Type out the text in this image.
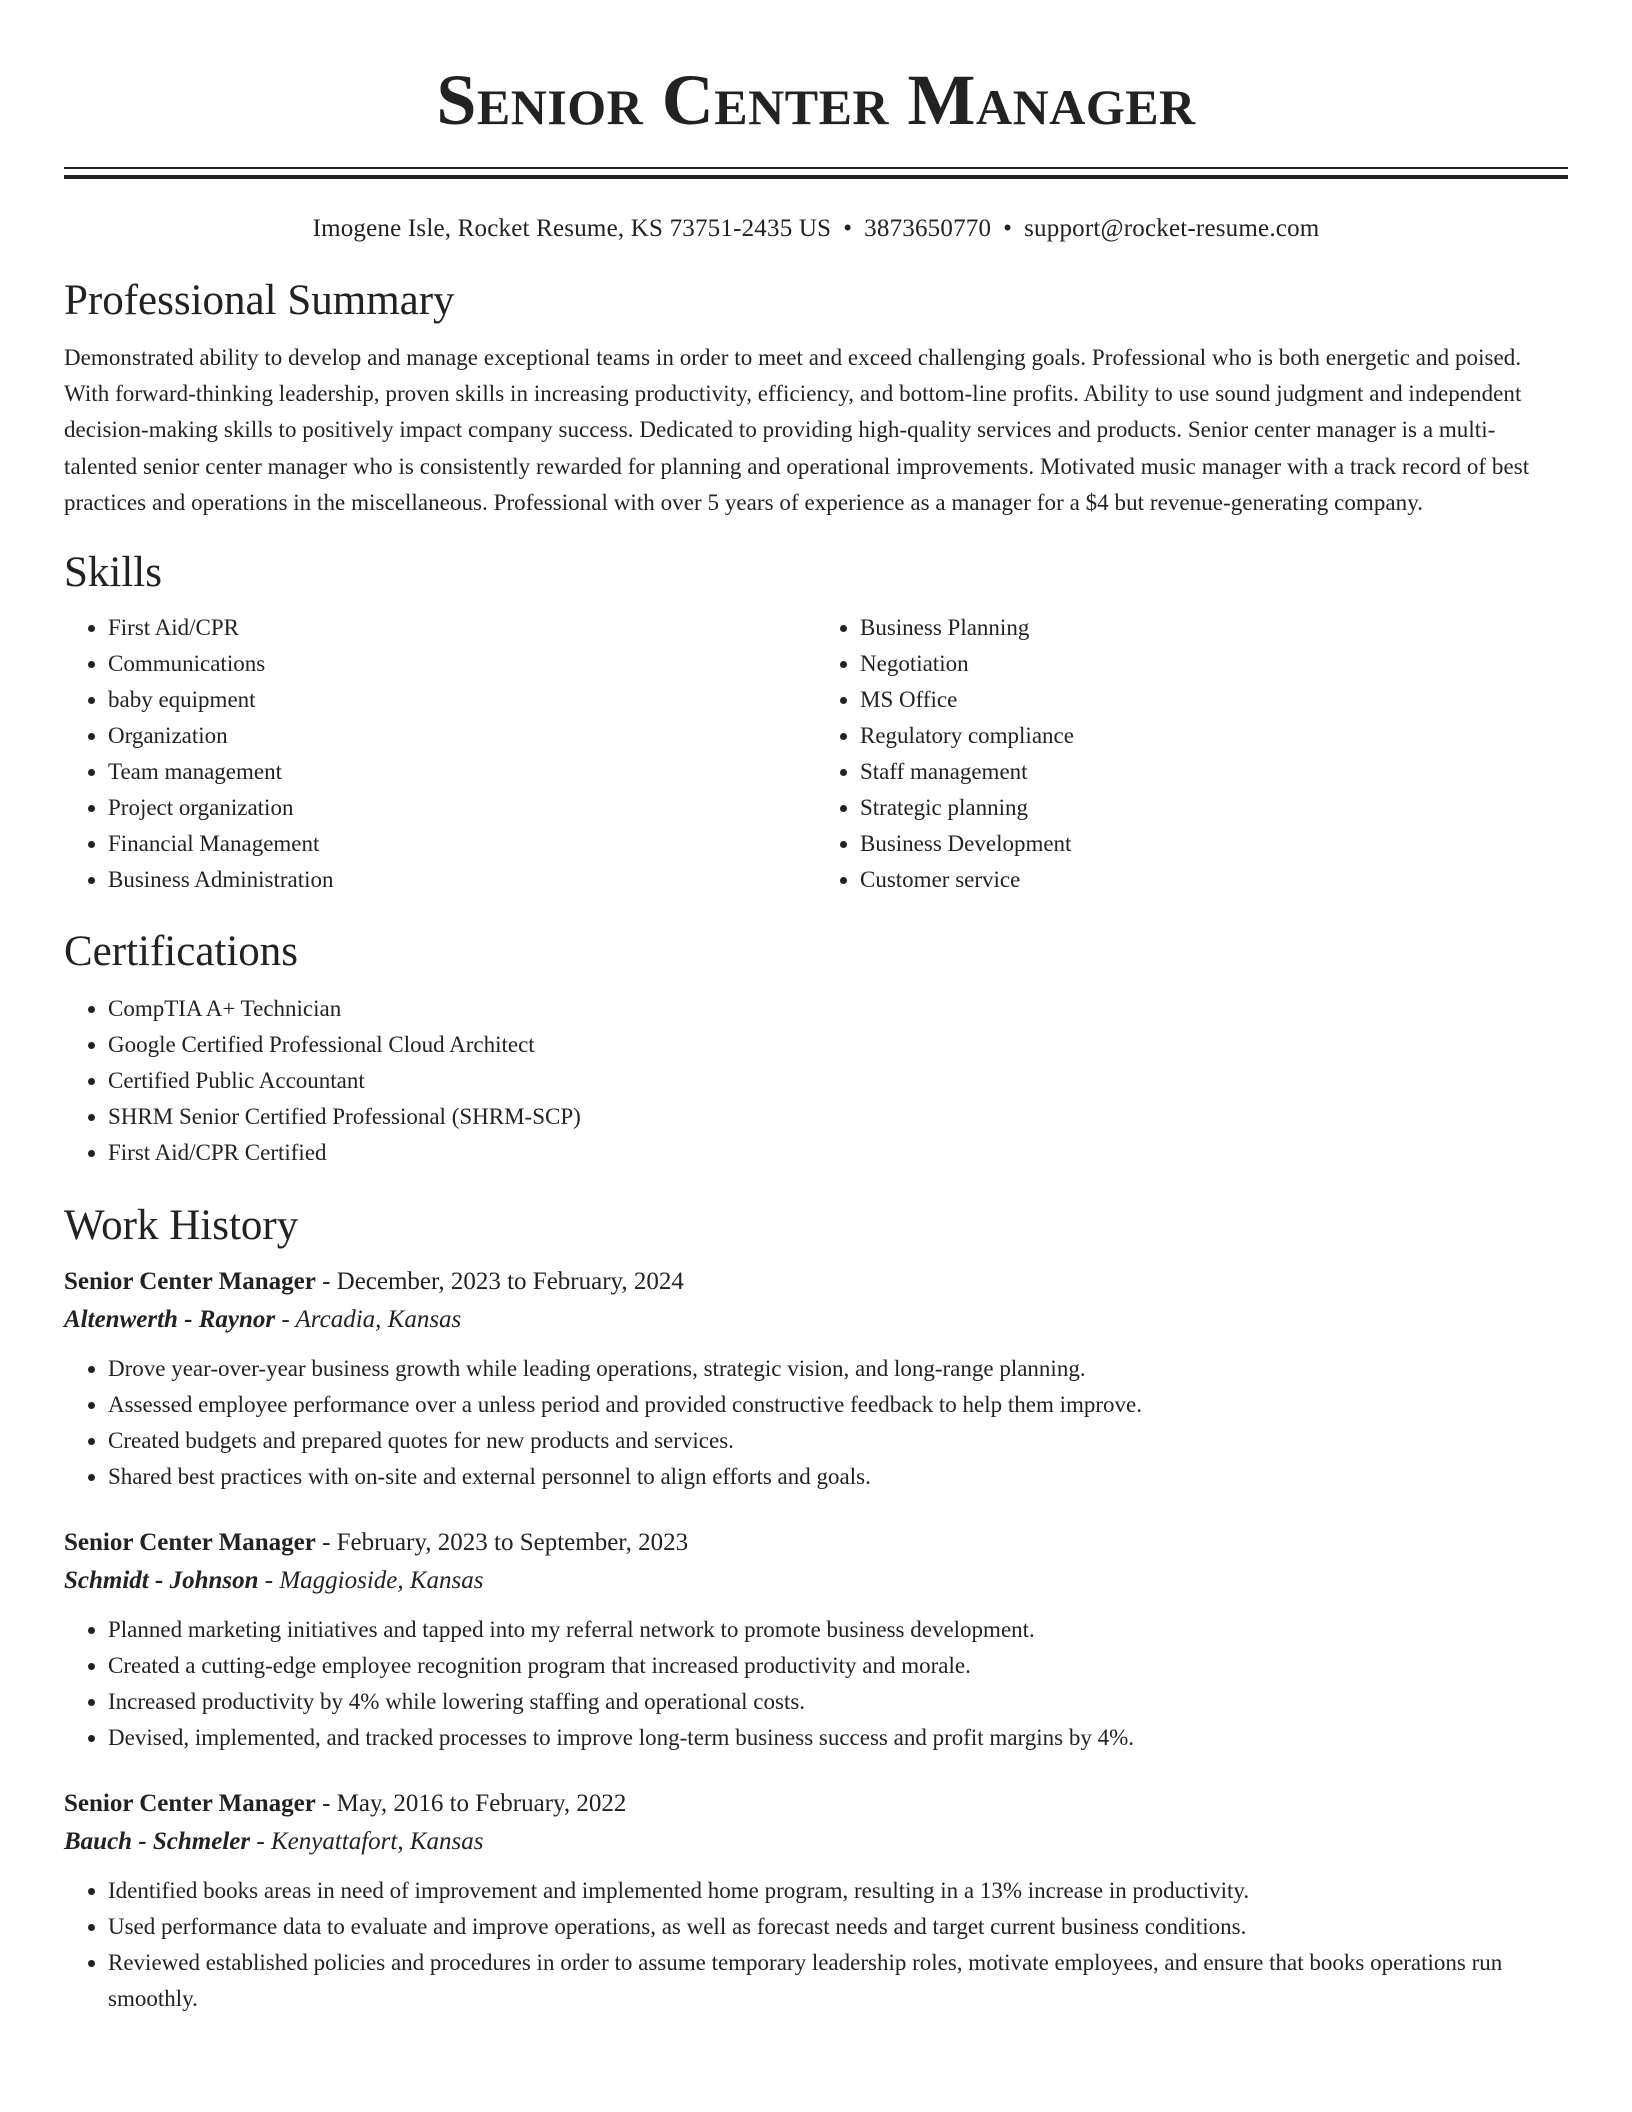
Senior Center Manager
Imogene Isle, Rocket Resume, KS 73751-2435 US • 3873650770 • support@rocket-resume.com
Professional Summary

Demonstrated ability to develop and manage exceptional teams in order to meet and exceed challenging goals. Professional who is both energetic and poised. With forward-thinking leadership, proven skills in increasing productivity, efficiency, and bottom-line profits. Ability to use sound judgment and independent decision-making skills to positively impact company success. Dedicated to providing high-quality services and products. Senior center manager is a multi-talented senior center manager who is consistently rewarded for planning and operational improvements. Motivated music manager with a track record of best practices and operations in the miscellaneous. Professional with over 5 years of experience as a manager for a $4 but revenue-generating company.

Skills
• First Aid/CPR
• Communications
• baby equipment
• Organization
• Team management
• Project organization
• Financial Management
• Business Administration
• Business Planning
• Negotiation
• MS Office
• Regulatory compliance
• Staff management
• Strategic planning
• Business Development
• Customer service
Certifications
• CompTIA A+ Technician
• Google Certified Professional Cloud Architect
• Certified Public Accountant
• SHRM Senior Certified Professional (SHRM-SCP)
• First Aid/CPR Certified
Work History
Senior Center Manager - December, 2023 to February, 2024
Altenwerth - Raynor - Arcadia, Kansas
• Drove year-over-year business growth while leading operations, strategic vision, and long-range planning.
• Assessed employee performance over a unless period and provided constructive feedback to help them improve.
• Created budgets and prepared quotes for new products and services.
• Shared best practices with on-site and external personnel to align efforts and goals.
Senior Center Manager - February, 2023 to September, 2023
Schmidt - Johnson - Maggioside, Kansas
• Planned marketing initiatives and tapped into my referral network to promote business development.
• Created a cutting-edge employee recognition program that increased productivity and morale.
• Increased productivity by 4% while lowering staffing and operational costs.
• Devised, implemented, and tracked processes to improve long-term business success and profit margins by 4%.
Senior Center Manager - May, 2016 to February, 2022
Bauch - Schmeler - Kenyattafort, Kansas
• Identified books areas in need of improvement and implemented home program, resulting in a 13% increase in productivity.
• Used performance data to evaluate and improve operations, as well as forecast needs and target current business conditions.
• Reviewed established policies and procedures in order to assume temporary leadership roles, motivate employees, and ensure that books operations run smoothly.
